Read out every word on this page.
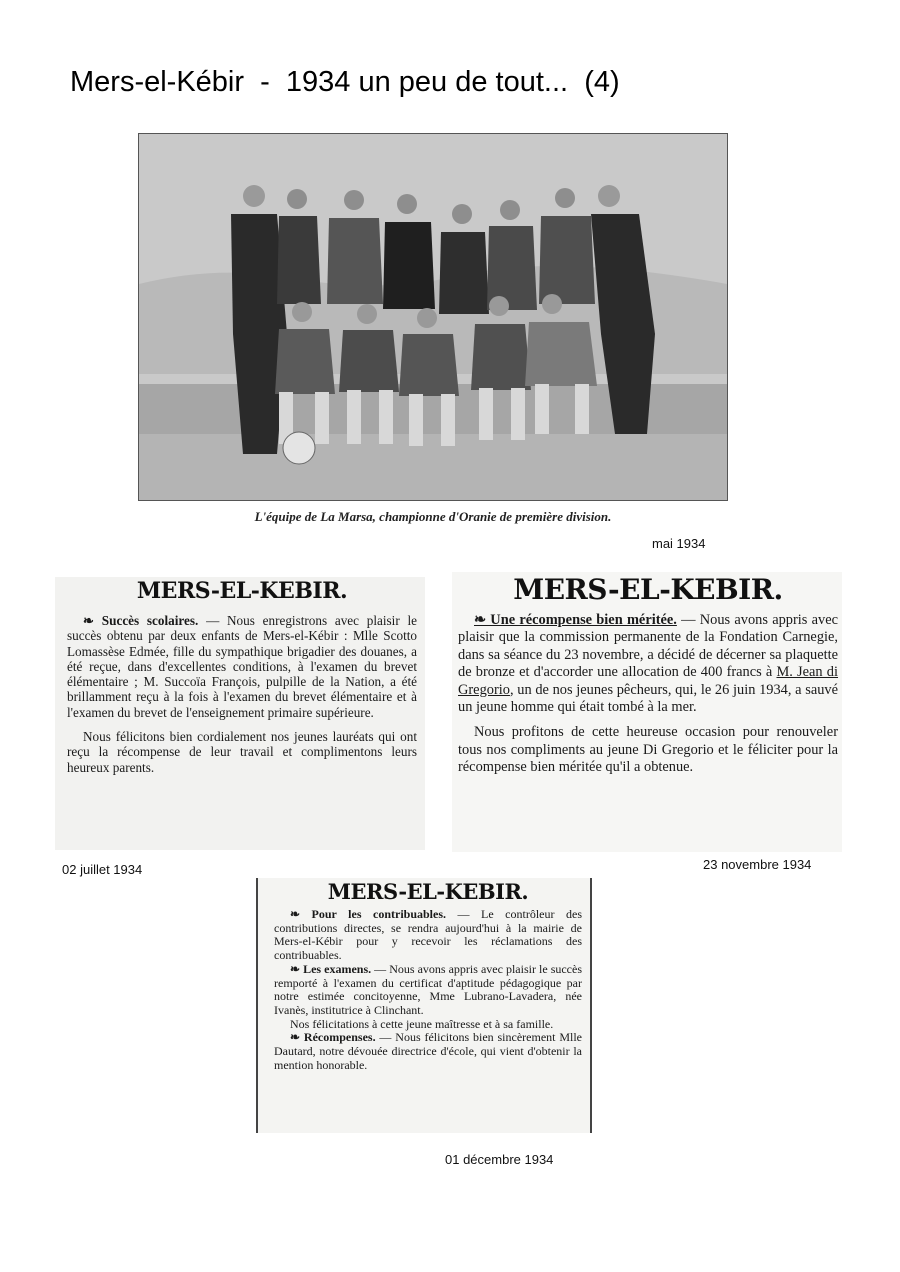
Mers-el-Kébir  -  1934 un peu de tout...  (4)
L'équipe de La Marsa, championne d'Oranie de première division.
mai 1934
MERS-EL-KEBIR.

❧ Succès scolaires. — Nous enregistrons avec plaisir le succès obtenu par deux enfants de Mers-el-Kébir : Mlle Scotto Lomassèse Edmée, fille du sympathique brigadier des douanes, a été reçue, dans d'excellentes conditions, à l'examen du brevet élémentaire ; M. Succoïa François, pulpille de la Nation, a été brillamment reçu à la fois à l'examen du brevet élémentaire et à l'examen du brevet de l'enseignement primaire supérieure.

Nous félicitons bien cordialement nos jeunes lauréats qui ont reçu la récompense de leur travail et complimentons leurs heureux parents.

02 juillet 1934
MERS-EL-KEBIR.

❧ Une récompense bien méritée. — Nous avons appris avec plaisir que la commission permanente de la Fondation Carnegie, dans sa séance du 23 novembre, a décidé de décerner sa plaquette de bronze et d'accorder une allocation de 400 francs à M. Jean di Gregorio, un de nos jeunes pêcheurs, qui, le 26 juin 1934, a sauvé un jeune homme qui était tombé à la mer.

Nous profitons de cette heureuse occasion pour renouveler tous nos compliments au jeune Di Gregorio et le féliciter pour la récompense bien méritée qu'il a obtenue.

23 novembre 1934
MERS-EL-KEBIR.

❧ Pour les contribuables. — Le contrôleur des contributions directes, se rendra aujourd'hui à la mairie de Mers-el-Kébir pour y recevoir les réclamations des contribuables.

❧ Les examens. — Nous avons appris avec plaisir le succès remporté à l'examen du certificat d'aptitude pédagogique par notre estimée concitoyenne, Mme Lubrano-Lavadera, née Ivanès, institutrice à Clinchant.

Nos félicitations à cette jeune maîtresse et à sa famille.

❧ Récompenses. — Nous félicitons bien sincèrement Mlle Dautard, notre dévouée directrice d'école, qui vient d'obtenir la mention honorable.

01 décembre 1934
